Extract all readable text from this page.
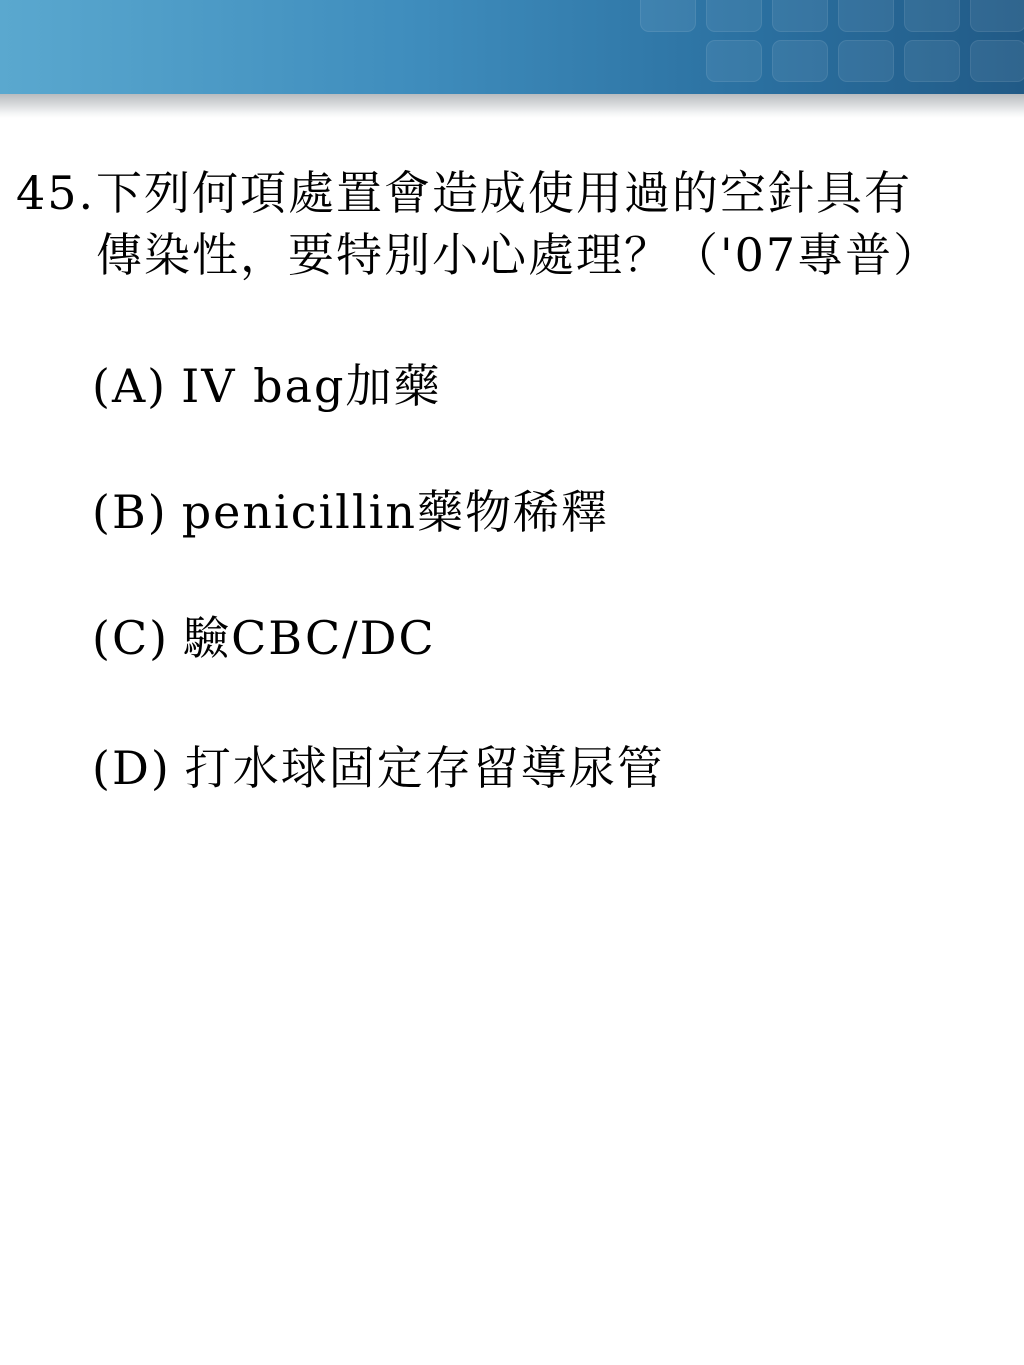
45. 下列何項處置會造成使用過的空針具有
傳染性，要特別小心處理？（'07專普）
(A) IV bag加藥
(B) penicillin藥物稀釋
(C) 驗CBC/DC
(D) 打水球固定存留導尿管
